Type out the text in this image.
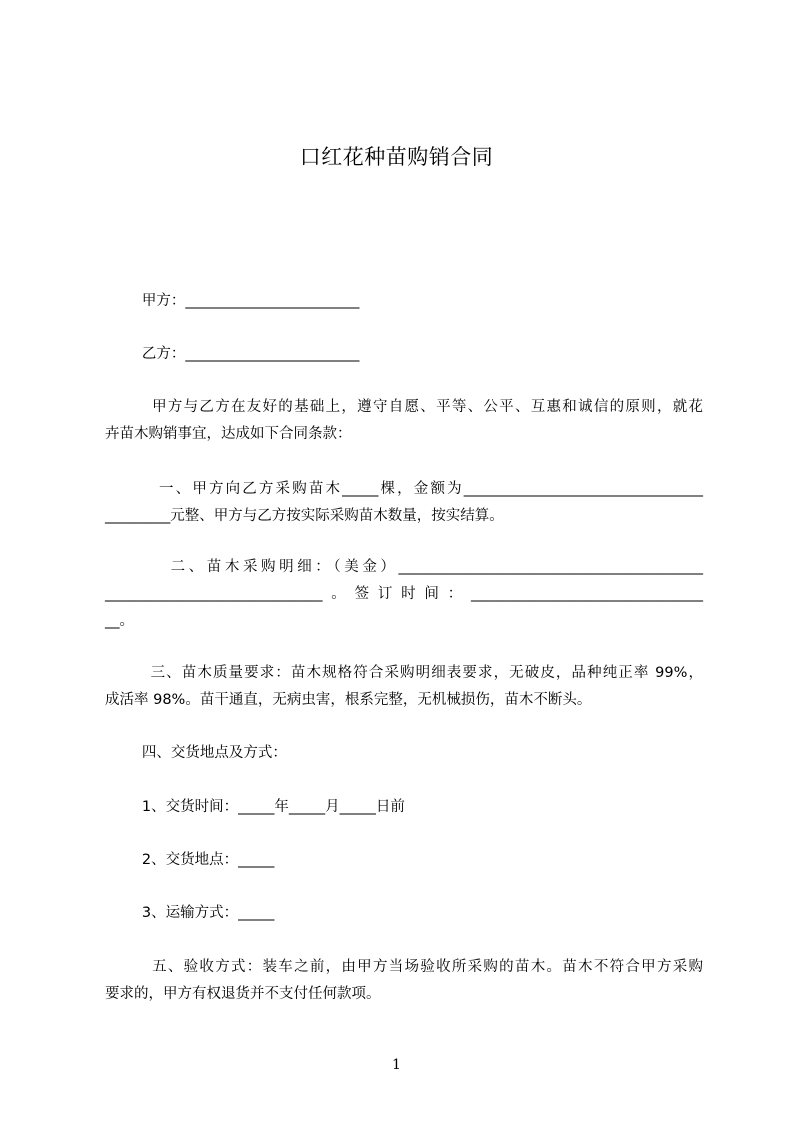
口红花种苗购销合同
甲方：________________________
乙方：________________________
甲方与乙方在友好的基础上，遵守自愿、平等、公平、互惠和诚信的原则，就花
卉苗木购销事宜，达成如下合同条款：
一、甲方向乙方采购苗木_____棵，金额为_________________________________
_________元整、甲方与乙方按实际采购苗木数量，按实结算。
二、苗木采购明细：（美金）__________________________________________
______________________________。签订时间：________________________________
__。
三、苗木质量要求：苗木规格符合采购明细表要求，无破皮，品种纯正率 99%，
成活率 98%。苗干通直，无病虫害，根系完整，无机械损伤，苗木不断头。
四、交货地点及方式：
1、交货时间：_____年_____月_____日前
2、交货地点：_____
3、运输方式：_____
五、验收方式：装车之前，由甲方当场验收所采购的苗木。苗木不符合甲方采购
要求的，甲方有权退货并不支付任何款项。
1
